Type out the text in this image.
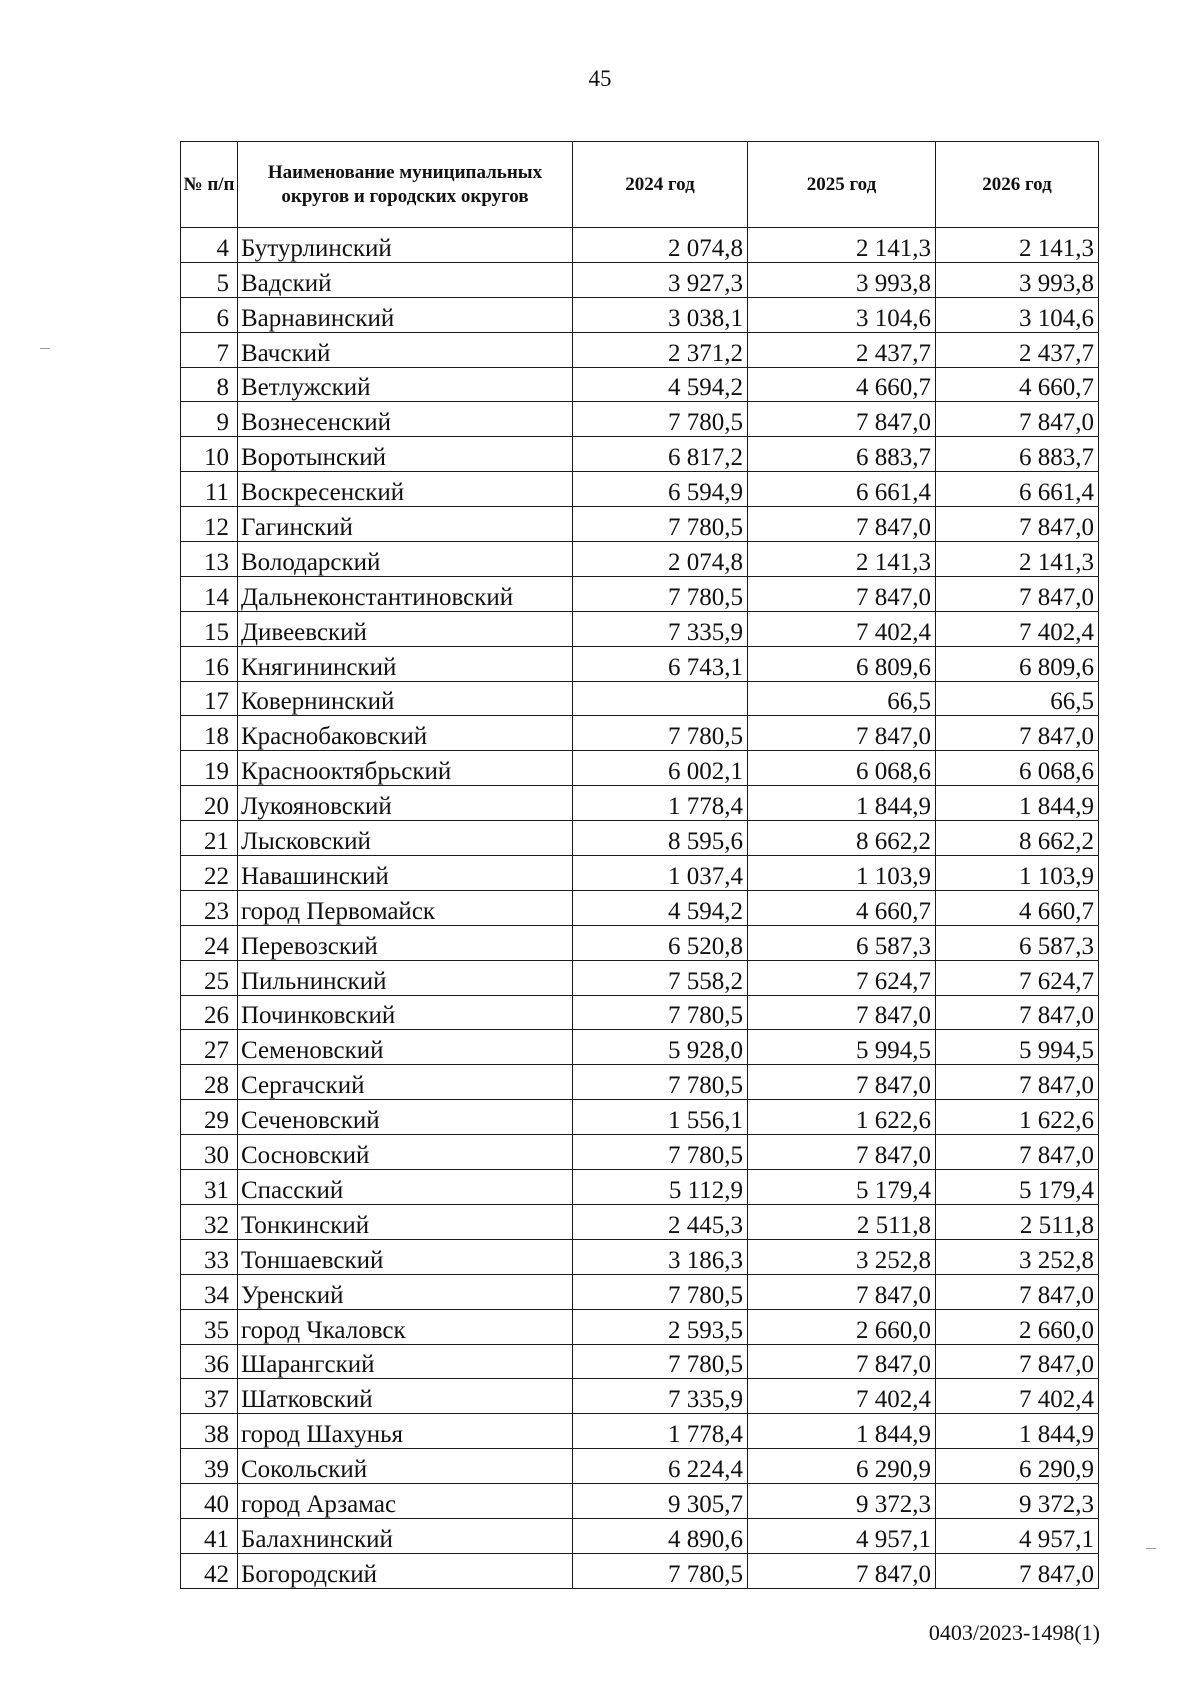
45
№ п/п	Наименование муниципальных округов и городских округов	2024 год	2025 год	2026 год
4	Бутурлинский	2 074,8	2 141,3	2 141,3
5	Вадский	3 927,3	3 993,8	3 993,8
6	Варнавинский	3 038,1	3 104,6	3 104,6
7	Вачский	2 371,2	2 437,7	2 437,7
8	Ветлужский	4 594,2	4 660,7	4 660,7
9	Вознесенский	7 780,5	7 847,0	7 847,0
10	Воротынский	6 817,2	6 883,7	6 883,7
11	Воскресенский	6 594,9	6 661,4	6 661,4
12	Гагинский	7 780,5	7 847,0	7 847,0
13	Володарский	2 074,8	2 141,3	2 141,3
14	Дальнеконстантиновский	7 780,5	7 847,0	7 847,0
15	Дивеевский	7 335,9	7 402,4	7 402,4
16	Княгининский	6 743,1	6 809,6	6 809,6
17	Ковернинский		66,5	66,5
18	Краснобаковский	7 780,5	7 847,0	7 847,0
19	Краснооктябрьский	6 002,1	6 068,6	6 068,6
20	Лукояновский	1 778,4	1 844,9	1 844,9
21	Лысковский	8 595,6	8 662,2	8 662,2
22	Навашинский	1 037,4	1 103,9	1 103,9
23	город Первомайск	4 594,2	4 660,7	4 660,7
24	Перевозский	6 520,8	6 587,3	6 587,3
25	Пильнинский	7 558,2	7 624,7	7 624,7
26	Починковский	7 780,5	7 847,0	7 847,0
27	Семеновский	5 928,0	5 994,5	5 994,5
28	Сергачский	7 780,5	7 847,0	7 847,0
29	Сеченовский	1 556,1	1 622,6	1 622,6
30	Сосновский	7 780,5	7 847,0	7 847,0
31	Спасский	5 112,9	5 179,4	5 179,4
32	Тонкинский	2 445,3	2 511,8	2 511,8
33	Тоншаевский	3 186,3	3 252,8	3 252,8
34	Уренский	7 780,5	7 847,0	7 847,0
35	город Чкаловск	2 593,5	2 660,0	2 660,0
36	Шарангский	7 780,5	7 847,0	7 847,0
37	Шатковский	7 335,9	7 402,4	7 402,4
38	город Шахунья	1 778,4	1 844,9	1 844,9
39	Сокольский	6 224,4	6 290,9	6 290,9
40	город Арзамас	9 305,7	9 372,3	9 372,3
41	Балахнинский	4 890,6	4 957,1	4 957,1
42	Богородский	7 780,5	7 847,0	7 847,0
0403/2023-1498(1)
